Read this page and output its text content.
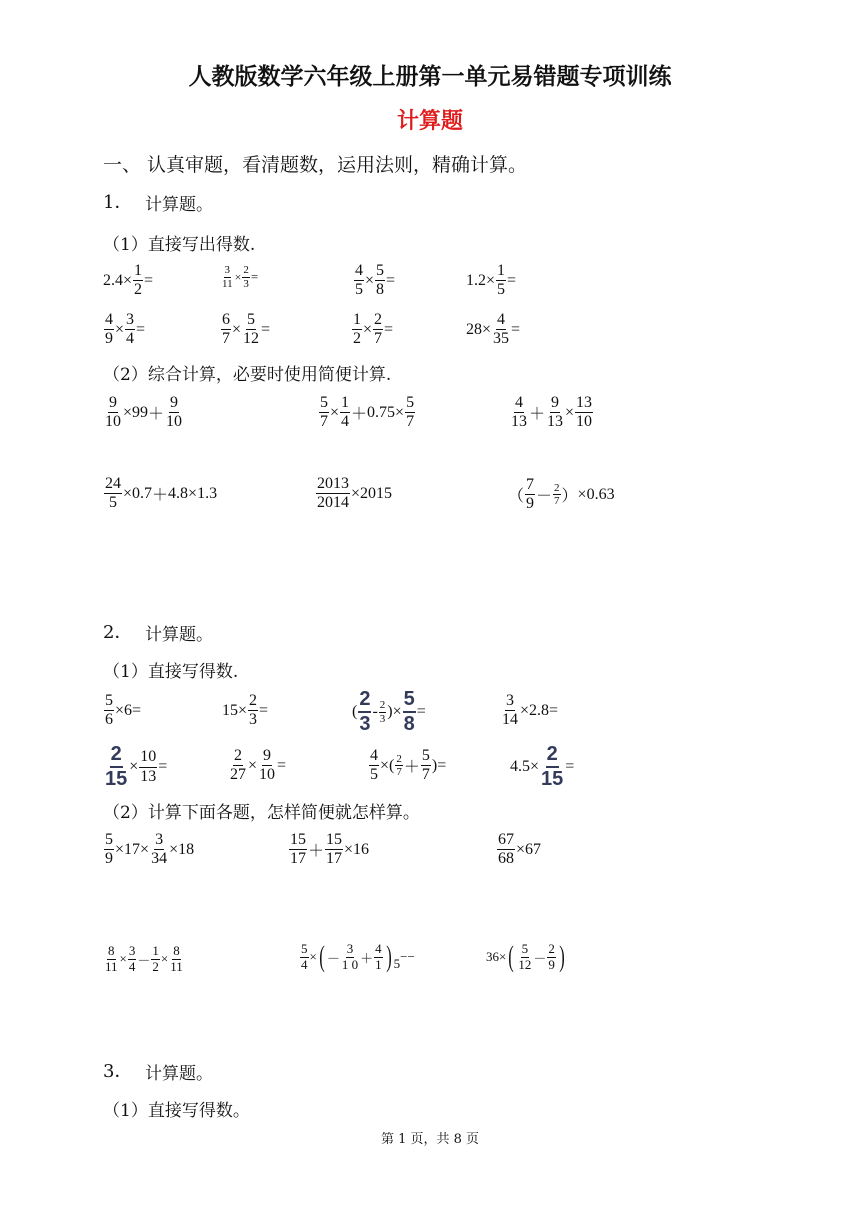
人教版数学六年级上册第一单元易错题专项训练
计算题
一、 认真审题，看清题数，运用法则，精确计算。
1． 计算题。
（1）直接写出得数.
$2.4 \times \frac{1}{2}$ =	$\frac{3}{11} \times \frac{2}{3}$ =	$\frac{4}{5} \times \frac{5}{8}$ =	$1.2 \times \frac{1}{5}$ =
$\frac{4}{9} \times \frac{3}{4}$ =	$\frac{6}{7} \times \frac{5}{12}$ =	$\frac{1}{2} \times \frac{2}{7}$ =	$28 \times \frac{4}{35}$ =
（2）综合计算，必要时使用简便计算.
$\frac{9}{10} \times 99 + \frac{9}{10}$	$\frac{5}{7} \times \frac{1}{4} + 0.75 \times \frac{5}{7}$	$\frac{4}{13} + \frac{9}{13} \times \frac{13}{10}$
$\frac{24}{5} \times 0.7 + 4.8 \times 1.3$	$\frac{2013}{2014} \times 2015$	（ $\frac{7}{9} - \frac{2}{7}$ ） × 0.63
2． 计算题。
（1）直接写得数.
$\frac{5}{6} \times 6$ =	$15 \times \frac{2}{3}$ =	( $\frac{2}{3} - \frac{2}{3}$ ) × $\frac{5}{8}$ =	$\frac{3}{14} \times 2.8$ =
$\frac{2}{15} \times \frac{10}{13}$ =	$\frac{2}{27} \times \frac{9}{10}$ =	$\frac{4}{5}$ × ( $\frac{2}{7} + \frac{5}{7}$ ) =	$4.5 \times \frac{2}{15}$ =
（2）计算下面各题，怎样简便就怎样算。
$\frac{5}{9} \times 17 \times \frac{3}{34} \times 18$	$\frac{15}{17} + \frac{15}{17} \times 16$	$\frac{67}{68} \times 67$
$\frac{8}{11} \times \frac{3}{4} - \frac{1}{2} \times \frac{8}{11}$	$\frac{5}{4}$ × ( － $\frac{3}{1 0} + \frac{4}{1}$ ) 5 −−	36 × ( $\frac{5}{12} - \frac{2}{9}$ )
3． 计算题。
（1）直接写得数。
第 1 页，共 8 页
